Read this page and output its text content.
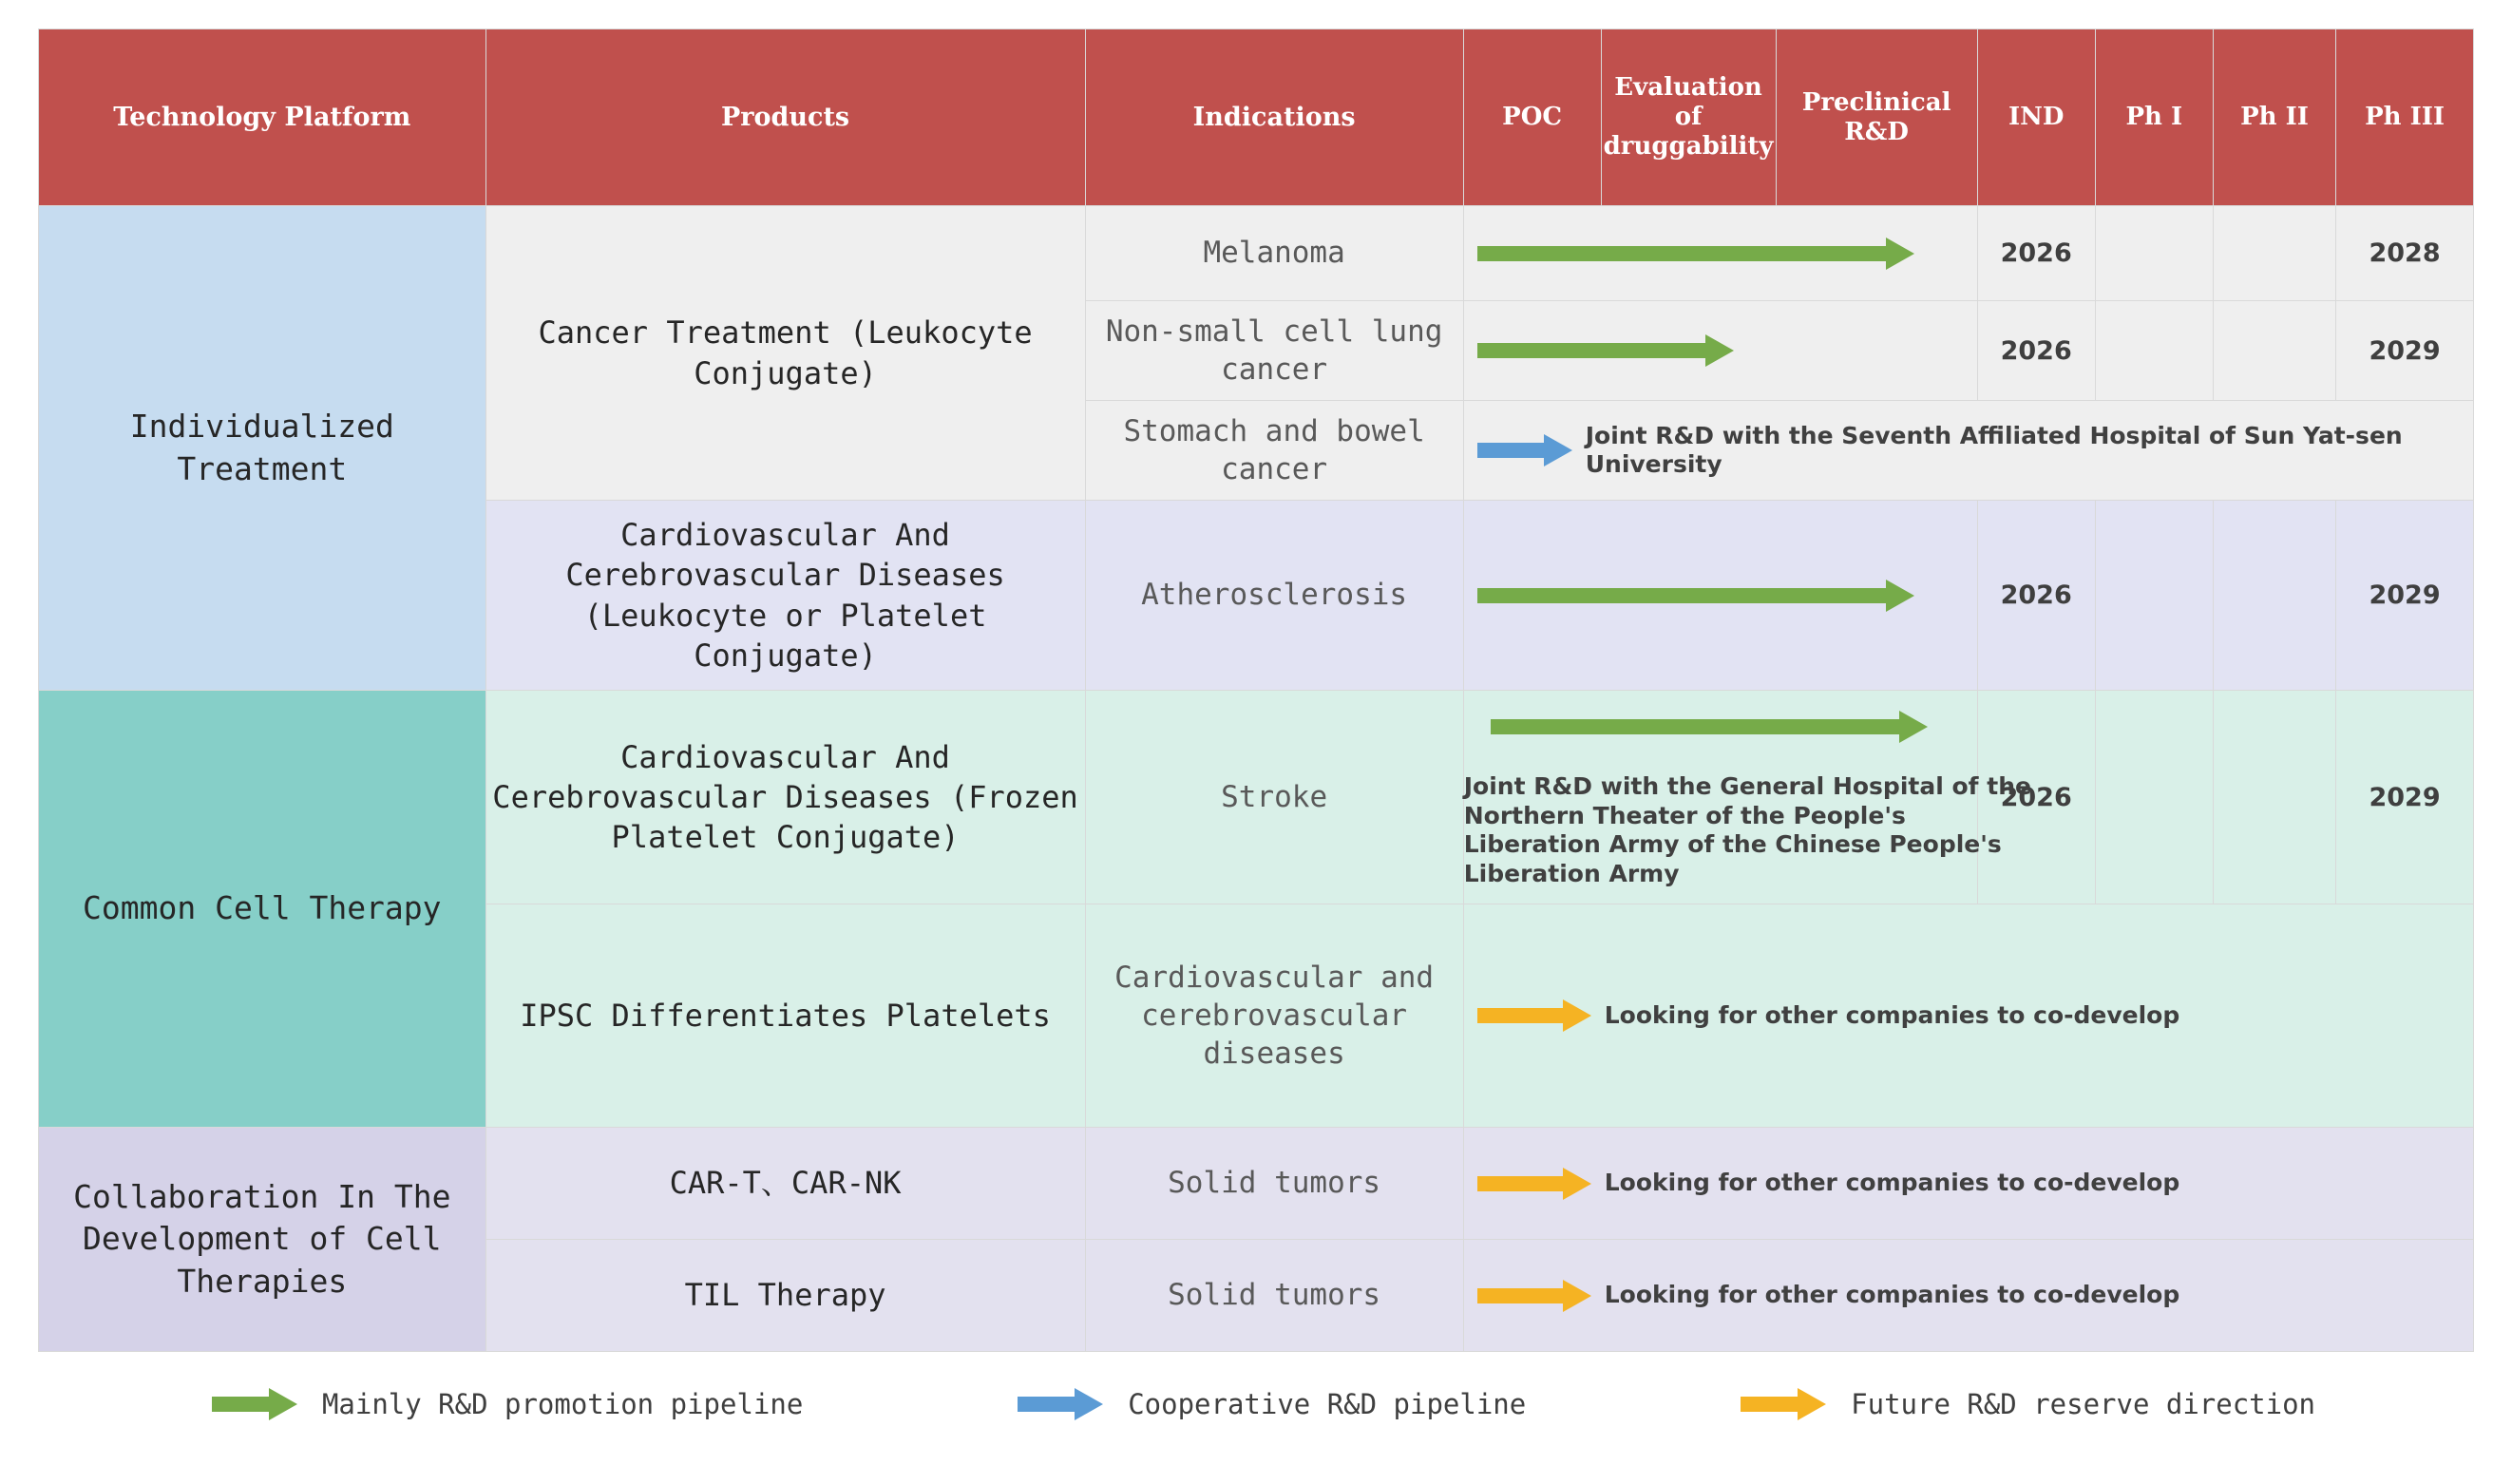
Technology Platform	Products	Indications	POC	Evaluation of druggability	Preclinical R&D	IND	Ph I	Ph II	Ph III
Individualized Treatment	Cancer Treatment (Leukocyte Conjugate)	Melanoma				2026			2028
		Non-small cell lung cancer				2026			2029
		Stomach and bowel cancer	Joint R&D with the Seventh Affiliated Hospital of Sun Yat-sen University						

	Cardiovascular And Cerebrovascular Diseases (Leukocyte or Platelet Conjugate)	Atherosclerosis				2026			2029
Common Cell Therapy	Cardiovascular And Cerebrovascular Diseases (Frozen Platelet Conjugate)	Stroke	Joint R&D with the General Hospital of the Northern Theater of the People's Liberation Army of the Chinese People's Liberation Army			2026			2029
	IPSC Differentiates Platelets	Cardiovascular and cerebrovascular diseases	Looking for other companies to co-develop						

Collaboration In The Development of Cell Therapies	CAR-T、CAR-NK	Solid tumors	Looking for other companies to co-develop						

	TIL Therapy	Solid tumors	Looking for other companies to co-develop						
Mainly R&D promotion pipeline	Cooperative R&D pipeline	Future R&D reserve direction
